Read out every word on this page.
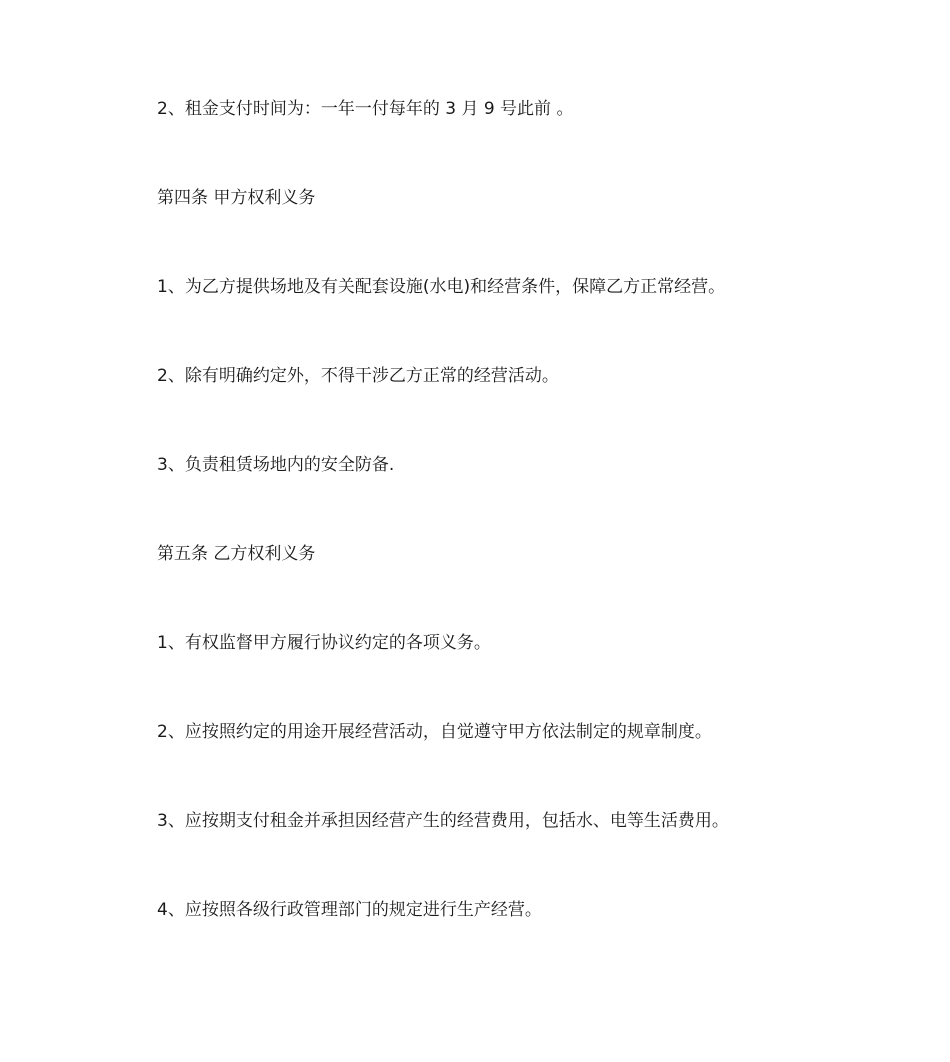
2、租金支付时间为：一年一付每年的 3 月 9 号此前 。

第四条 甲方权利义务

1、为乙方提供场地及有关配套设施(水电)和经营条件，保障乙方正常经营。

2、除有明确约定外，不得干涉乙方正常的经营活动。

3、负责租赁场地内的安全防备.

第五条 乙方权利义务

1、有权监督甲方履行协议约定的各项义务。

2、应按照约定的用途开展经营活动，自觉遵守甲方依法制定的规章制度。

3、应按期支付租金并承担因经营产生的经营费用，包括水、电等生活费用。

4、应按照各级行政管理部门的规定进行生产经营。
